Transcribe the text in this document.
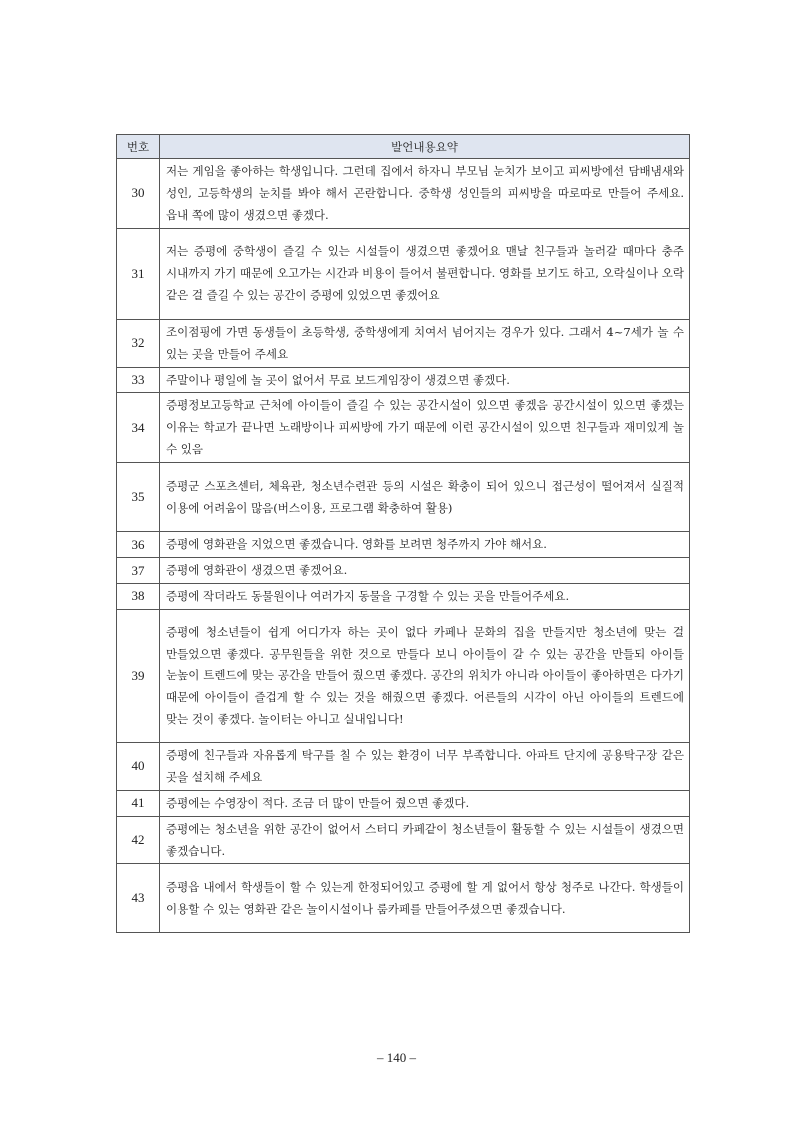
번호	발언내용요약
30	저는 게임을 좋아하는 학생입니다. 그런데 집에서 하자니 부모님 눈치가 보이고 피씨방에선 담배냄새와 성인, 고등학생의 눈치를 봐야 해서 곤란합니다. 중학생 성인들의 피씨방을 따로따로 만들어 주세요. 읍내 쪽에 많이 생겼으면 좋겠다.
31	저는 증평에 중학생이 즐길 수 있는 시설들이 생겼으면 좋겠어요 맨날 친구들과 놀러갈 때마다 충주 시내까지 가기 때문에 오고가는 시간과 비용이 들어서 불편합니다. 영화를 보기도 하고, 오락실이나 오락 같은 걸 즐길 수 있는 공간이 증평에 있었으면 좋겠어요
32	조이점핑에 가면 동생들이 초등학생, 중학생에게 치여서 넘어지는 경우가 있다. 그래서 4~7세가 놀 수 있는 곳을 만들어 주세요
33	주말이나 평일에 놀 곳이 없어서 무료 보드게임장이 생겼으면 좋겠다.
34	증평정보고등학교 근처에 아이들이 즐길 수 있는 공간시설이 있으면 좋겠음 공간시설이 있으면 좋겠는 이유는 학교가 끝나면 노래방이나 피씨방에 가기 때문에 이런 공간시설이 있으면 친구들과 재미있게 놀 수 있음
35	증평군 스포츠센터, 체육관, 청소년수련관 등의 시설은 확충이 되어 있으니 접근성이 떨어져서 실질적 이용에 어려움이 많음(버스이용, 프로그램 확충하여 활용)
36	증평에 영화관을 지었으면 좋겠습니다. 영화를 보려면 청주까지 가야 해서요.
37	증평에 영화관이 생겼으면 좋겠어요.
38	증평에 작더라도 동물원이나 여러가지 동물을 구경할 수 있는 곳을 만들어주세요.
39	증평에 청소년들이 쉽게 어디가자 하는 곳이 없다 카페나 문화의 집을 만들지만 청소년에 맞는 걸 만들었으면 좋겠다. 공무원들을 위한 것으로 만들다 보니 아이들이 갈 수 있는 공간을 만들되 아이들 눈높이 트렌드에 맞는 공간을 만들어 줬으면 좋겠다. 공간의 위치가 아니라 아이들이 좋아하면은 다가기 때문에 아이들이 즐겁게 할 수 있는 것을 해줬으면 좋겠다. 어른들의 시각이 아닌 아이들의 트렌드에 맞는 것이 좋겠다. 놀이터는 아니고 실내입니다!
40	증평에 친구들과 자유롭게 탁구를 칠 수 있는 환경이 너무 부족합니다. 아파트 단지에 공용탁구장 같은 곳을 설치해 주세요
41	증평에는 수영장이 적다. 조금 더 많이 만들어 줬으면 좋겠다.
42	증평에는 청소년을 위한 공간이 없어서 스터디 카페같이 청소년들이 활동할 수 있는 시설들이 생겼으면 좋겠습니다.
43	증평읍 내에서 학생들이 할 수 있는게 한정되어있고 증평에 할 게 없어서 항상 청주로 나간다. 학생들이 이용할 수 있는 영화관 같은 놀이시설이나 룸카페를 만들어주셨으면 좋겠습니다.
– 140 –
